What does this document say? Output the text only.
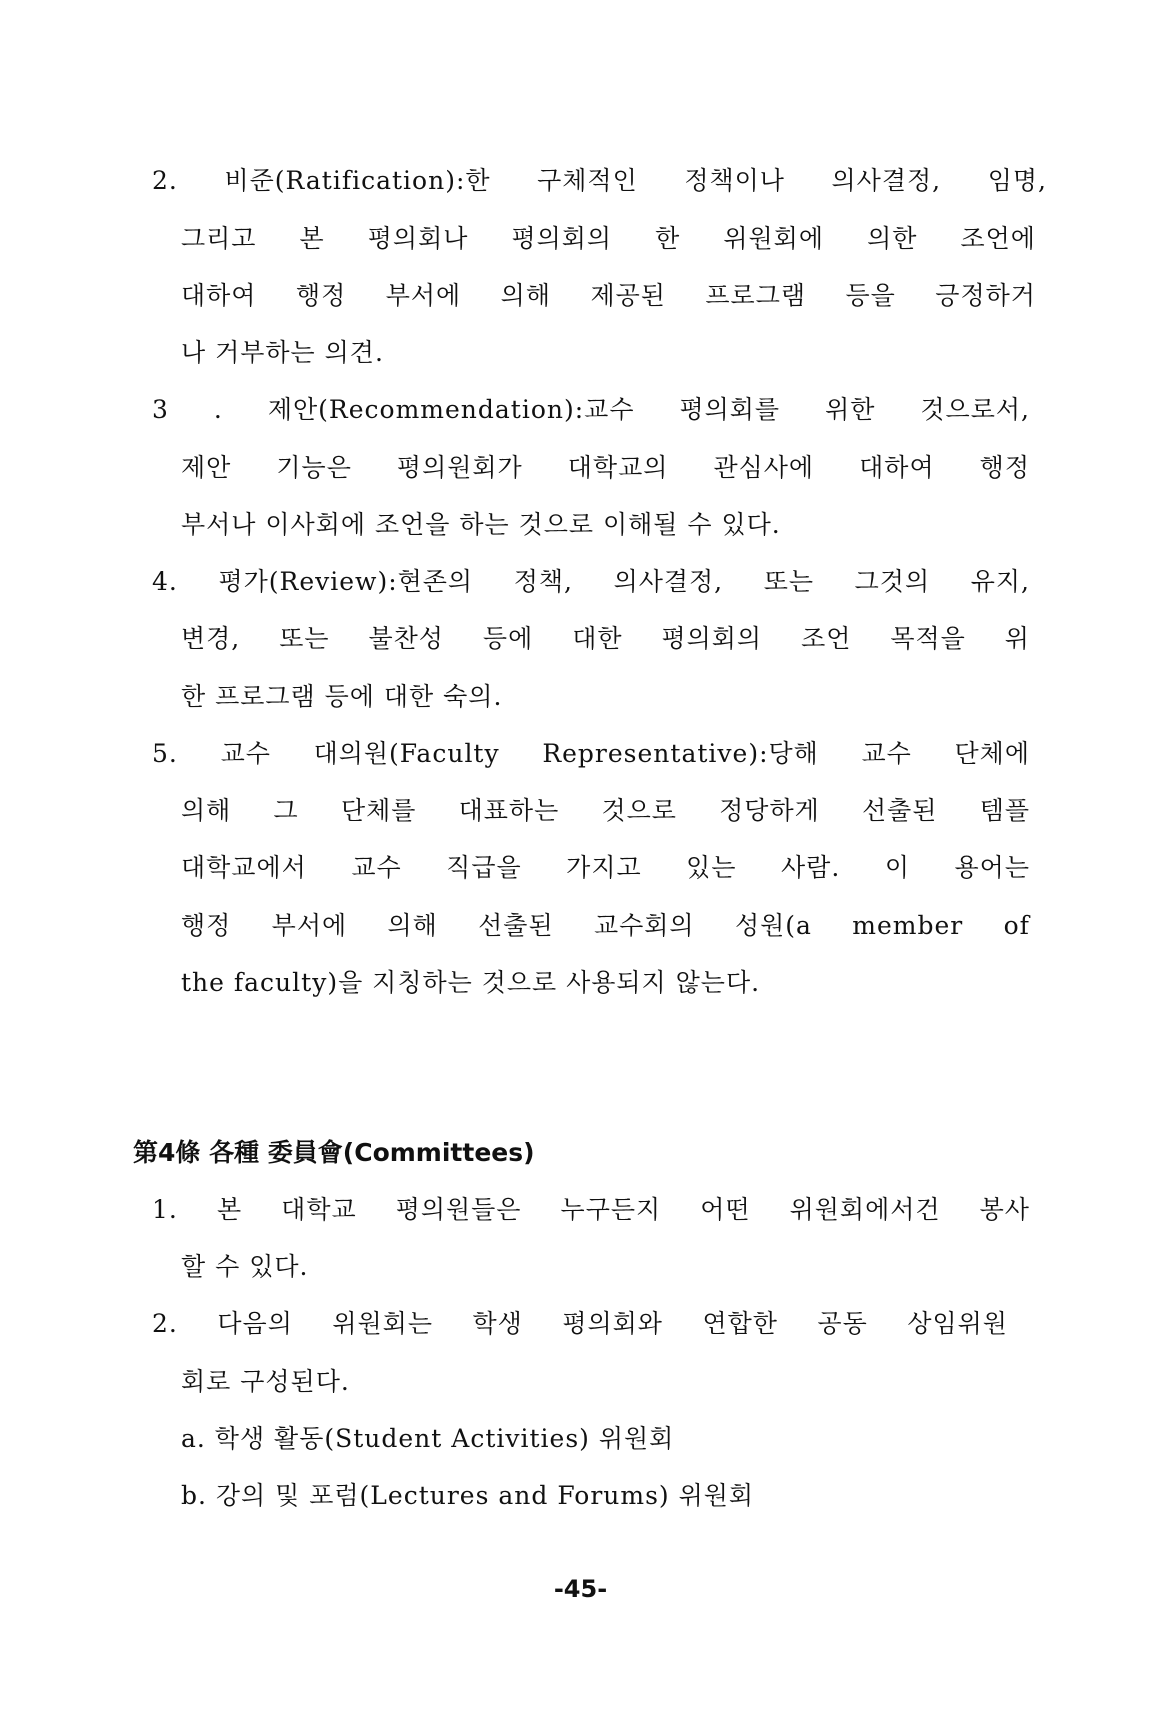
2. 비준(Ratification):한 구체적인 정책이나 의사결정, 임명,
그리고 본 평의회나 평의회의 한 위원회에 의한 조언에
대하여 행정 부서에 의해 제공된 프로그램 등을 긍정하거
나 거부하는 의견.
3 . 제안(Recommendation):교수 평의회를 위한 것으로서,
제안 기능은 평의원회가 대학교의 관심사에 대하여 행정
부서나 이사회에 조언을 하는 것으로 이해될 수 있다.
4. 평가(Review):현존의 정책, 의사결정, 또는 그것의 유지,
변경, 또는 불찬성 등에 대한 평의회의 조언 목적을 위
한 프로그램 등에 대한 숙의.
5. 교수 대의원(Faculty Representative):당해 교수 단체에
의해 그 단체를 대표하는 것으로 정당하게 선출된 템플
대학교에서 교수 직급을 가지고 있는 사람. 이 용어는
행정 부서에 의해 선출된 교수회의 성원(a member of
the faculty)을 지칭하는 것으로 사용되지 않는다.
第4條 各種 委員會(Committees)
1. 본 대학교 평의원들은 누구든지 어떤 위원회에서건 봉사
할 수 있다.
2. 다음의 위원회는 학생 평의회와 연합한 공동 상임위원
회로 구성된다.
a. 학생 활동(Student Activities) 위원회
b. 강의 및 포럼(Lectures and Forums) 위원회
-45-
